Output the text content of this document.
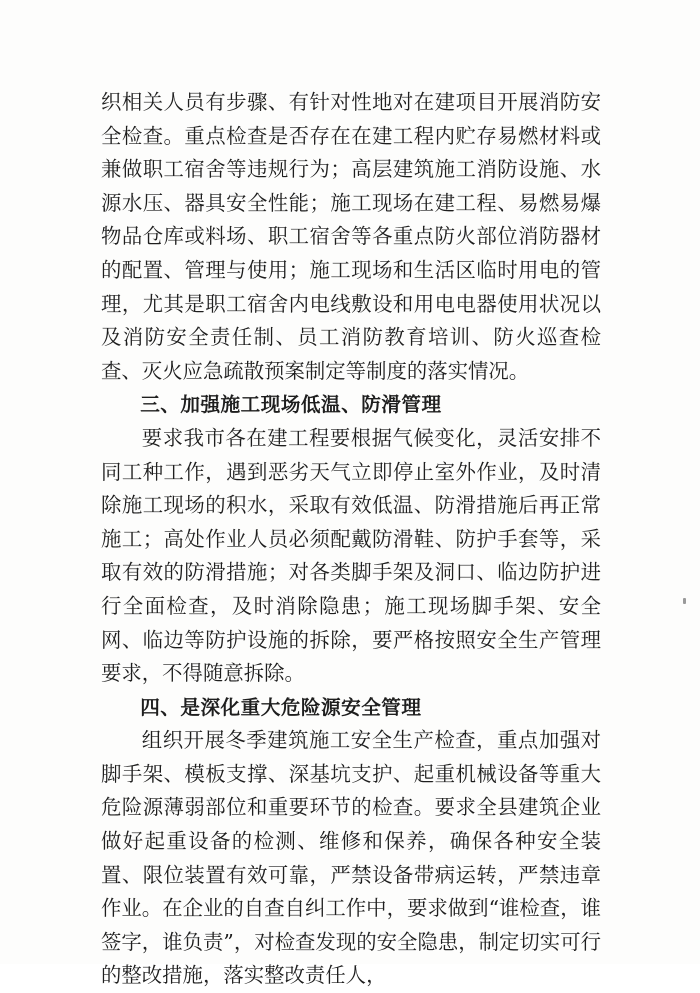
织相关人员有步骤、有针对性地对在建项目开展消防安全检查。重点检查是否存在在建工程内贮存易燃材料或兼做职工宿舍等违规行为；高层建筑施工消防设施、水源水压、器具安全性能；施工现场在建工程、易燃易爆物品仓库或料场、职工宿舍等各重点防火部位消防器材的配置、管理与使用；施工现场和生活区临时用电的管理，尤其是职工宿舍内电线敷设和用电电器使用状况以及消防安全责任制、员工消防教育培训、防火巡查检查、灭火应急疏散预案制定等制度的落实情况。

三、加强施工现场低温、防滑管理

要求我市各在建工程要根据气候变化，灵活安排不同工种工作，遇到恶劣天气立即停止室外作业，及时清除施工现场的积水，采取有效低温、防滑措施后再正常施工；高处作业人员必须配戴防滑鞋、防护手套等，采取有效的防滑措施；对各类脚手架及洞口、临边防护进行全面检查，及时消除隐患；施工现场脚手架、安全网、临边等防护设施的拆除，要严格按照安全生产管理要求，不得随意拆除。

四、是深化重大危险源安全管理

组织开展冬季建筑施工安全生产检查，重点加强对脚手架、模板支撑、深基坑支护、起重机械设备等重大危险源薄弱部位和重要环节的检查。要求全县建筑企业做好起重设备的检测、维修和保养，确保各种安全装置、限位装置有效可靠，严禁设备带病运转，严禁违章作业。在企业的自查自纠工作中，要求做到“谁检查，谁签字，谁负责”，对检查发现的安全隐患，制定切实可行的整改措施，落实整改责任人，
